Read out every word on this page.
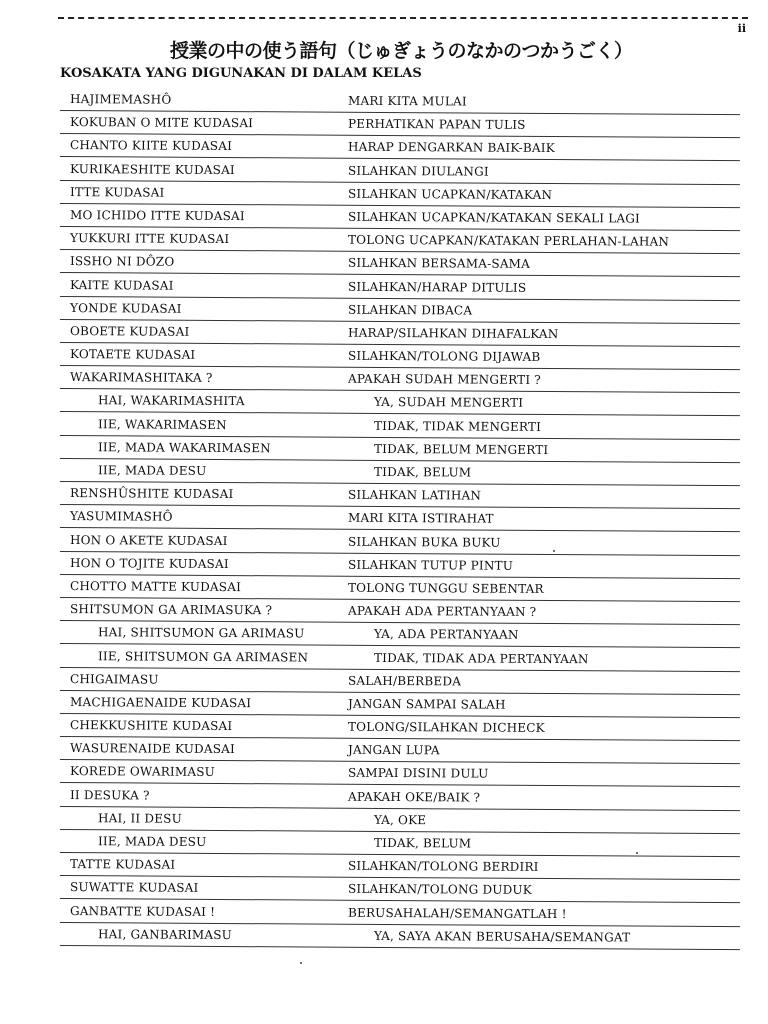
ii
授業の中の使う語句（じゅぎょうのなかのつかうごく）
KOSAKATA YANG DIGUNAKAN DI DALAM KELAS
HAJIMEMASHÔ	MARI KITA MULAI
KOKUBAN O MITE KUDASAI	PERHATIKAN PAPAN TULIS
CHANTO KIITE KUDASAI	HARAP DENGARKAN BAIK-BAIK
KURIKAESHITE KUDASAI	SILAHKAN DIULANGI
ITTE KUDASAI	SILAHKAN UCAPKAN/KATAKAN
MO ICHIDO ITTE KUDASAI	SILAHKAN UCAPKAN/KATAKAN SEKALI LAGI
YUKKURI ITTE KUDASAI	TOLONG UCAPKAN/KATAKAN PERLAHAN-LAHAN
ISSHO NI DÔZO	SILAHKAN BERSAMA-SAMA
KAITE KUDASAI	SILAHKAN/HARAP DITULIS
YONDE KUDASAI	SILAHKAN DIBACA
OBOETE KUDASAI	HARAP/SILAHKAN DIHAFALKAN
KOTAETE KUDASAI	SILAHKAN/TOLONG DIJAWAB
WAKARIMASHITAKA ?	APAKAH SUDAH MENGERTI ?
HAI, WAKARIMASHITA	YA, SUDAH MENGERTI
IIE, WAKARIMASEN	TIDAK, TIDAK MENGERTI
IIE, MADA WAKARIMASEN	TIDAK, BELUM MENGERTI
IIE, MADA DESU	TIDAK, BELUM
RENSHÛSHITE KUDASAI	SILAHKAN LATIHAN
YASUMIMASHÔ	MARI KITA ISTIRAHAT
HON O AKETE KUDASAI	SILAHKAN BUKA BUKU
HON O TOJITE KUDASAI	SILAHKAN TUTUP PINTU
CHOTTO MATTE KUDASAI	TOLONG TUNGGU SEBENTAR
SHITSUMON GA ARIMASUKA ?	APAKAH ADA PERTANYAAN ?
HAI, SHITSUMON GA ARIMASU	YA, ADA PERTANYAAN
IIE, SHITSUMON GA ARIMASEN	TIDAK, TIDAK ADA PERTANYAAN
CHIGAIMASU	SALAH/BERBEDA
MACHIGAENAIDE KUDASAI	JANGAN SAMPAI SALAH
CHEKKUSHITE KUDASAI	TOLONG/SILAHKAN DICHECK
WASURENAIDE KUDASAI	JANGAN LUPA
KOREDE OWARIMASU	SAMPAI DISINI DULU
II DESUKA ?	APAKAH OKE/BAIK ?
HAI, II DESU	YA, OKE
IIE, MADA DESU	TIDAK, BELUM
TATTE KUDASAI	SILAHKAN/TOLONG BERDIRI
SUWATTE KUDASAI	SILAHKAN/TOLONG DUDUK
GANBATTE KUDASAI !	BERUSAHALAH/SEMANGATLAH !
HAI, GANBARIMASU	YA, SAYA AKAN BERUSAHA/SEMANGAT
